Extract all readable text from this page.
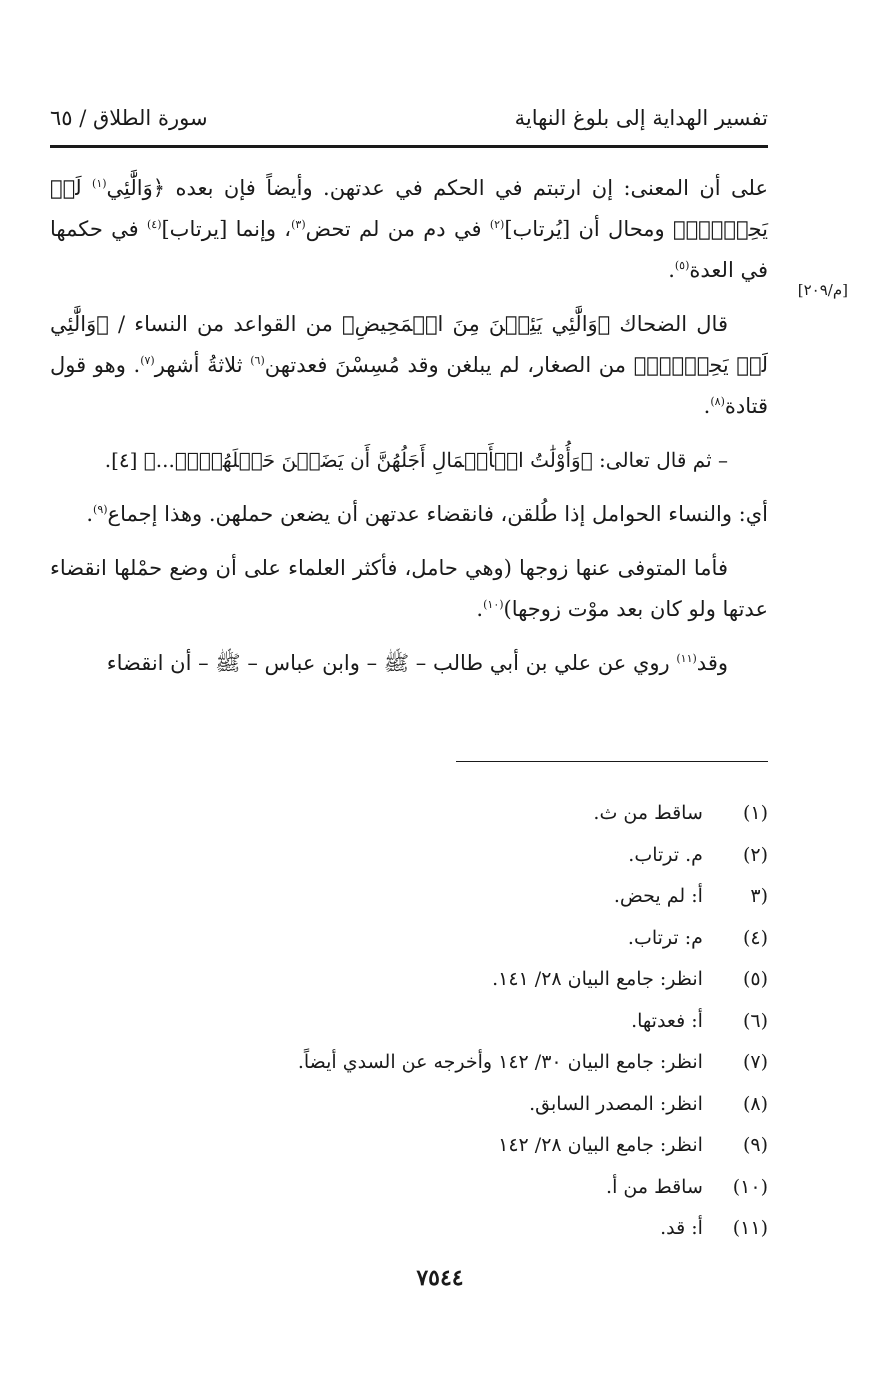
تفسير الهداية إلى بلوغ النهاية
سورة الطلاق / ٦٥
[م/٢٠٩]

على أن المعنى: إن ارتبتم في الحكم في عدتهن. وأيضاً فإن بعده ﴿وَالَّٰئِي$^{(١)}$ لَمۡ يَحِضۡنَۚ﴾ ومحال أن [يُرتاب]$^{(٢)}$ في دم من لم تحض$^{(٣)}$، وإنما [يرتاب]$^{(٤)}$ في حكمها في العدة$^{(٥)}$.

قال الضحاك ﴿وَالَّٰئِي يَئِسۡنَ مِنَ الۡمَحِيضِ﴾ من القواعد من النساء / ﴿وَالَّٰئِي لَمۡ يَحِضۡنَۚ﴾ من الصغار، لم يبلغن وقد مُسِسْنَ فعدتهن$^{(٦)}$ ثلاثةُ أشهر$^{(٧)}$. وهو قول قتادة$^{(٨)}$.

– ثم قال تعالى: ﴿وَأُوْلَٰتُ الۡأَحۡمَالِ أَجَلُهُنَّ أَن يَضَعۡنَ حَمۡلَهُنَّۚ...﴾ [٤].

أي: والنساء الحوامل إذا طُلقن، فانقضاء عدتهن أن يضعن حملهن. وهذا إجماع$^{(٩)}$.

فأما المتوفى عنها زوجها (وهي حامل، فأكثر العلماء على أن وضع حمْلها انقضاء عدتها ولو كان بعد موْت زوجها)$^{(١٠)}$.

وقد$^{(١١)}$ روي عن علي بن أبي طالب – ﷺ – وابن عباس – ﷺ – أن انقضاء

(١)  ساقط من ث.
(٢)  م. ترتاب.
(٣  أ: لم يحض.
(٤)  م: ترتاب.
(٥)  انظر: جامع البيان ٢٨/ ١٤١.
(٦)  أ: فعدتها.
(٧)  انظر: جامع البيان ٣٠/ ١٤٢ وأخرجه عن السدي أيضاً.
(٨)  انظر: المصدر السابق.
(٩)  انظر: جامع البيان ٢٨/ ١٤٢
(١٠)  ساقط من أ.
(١١)  أ: قد.
٧٥٤٤
